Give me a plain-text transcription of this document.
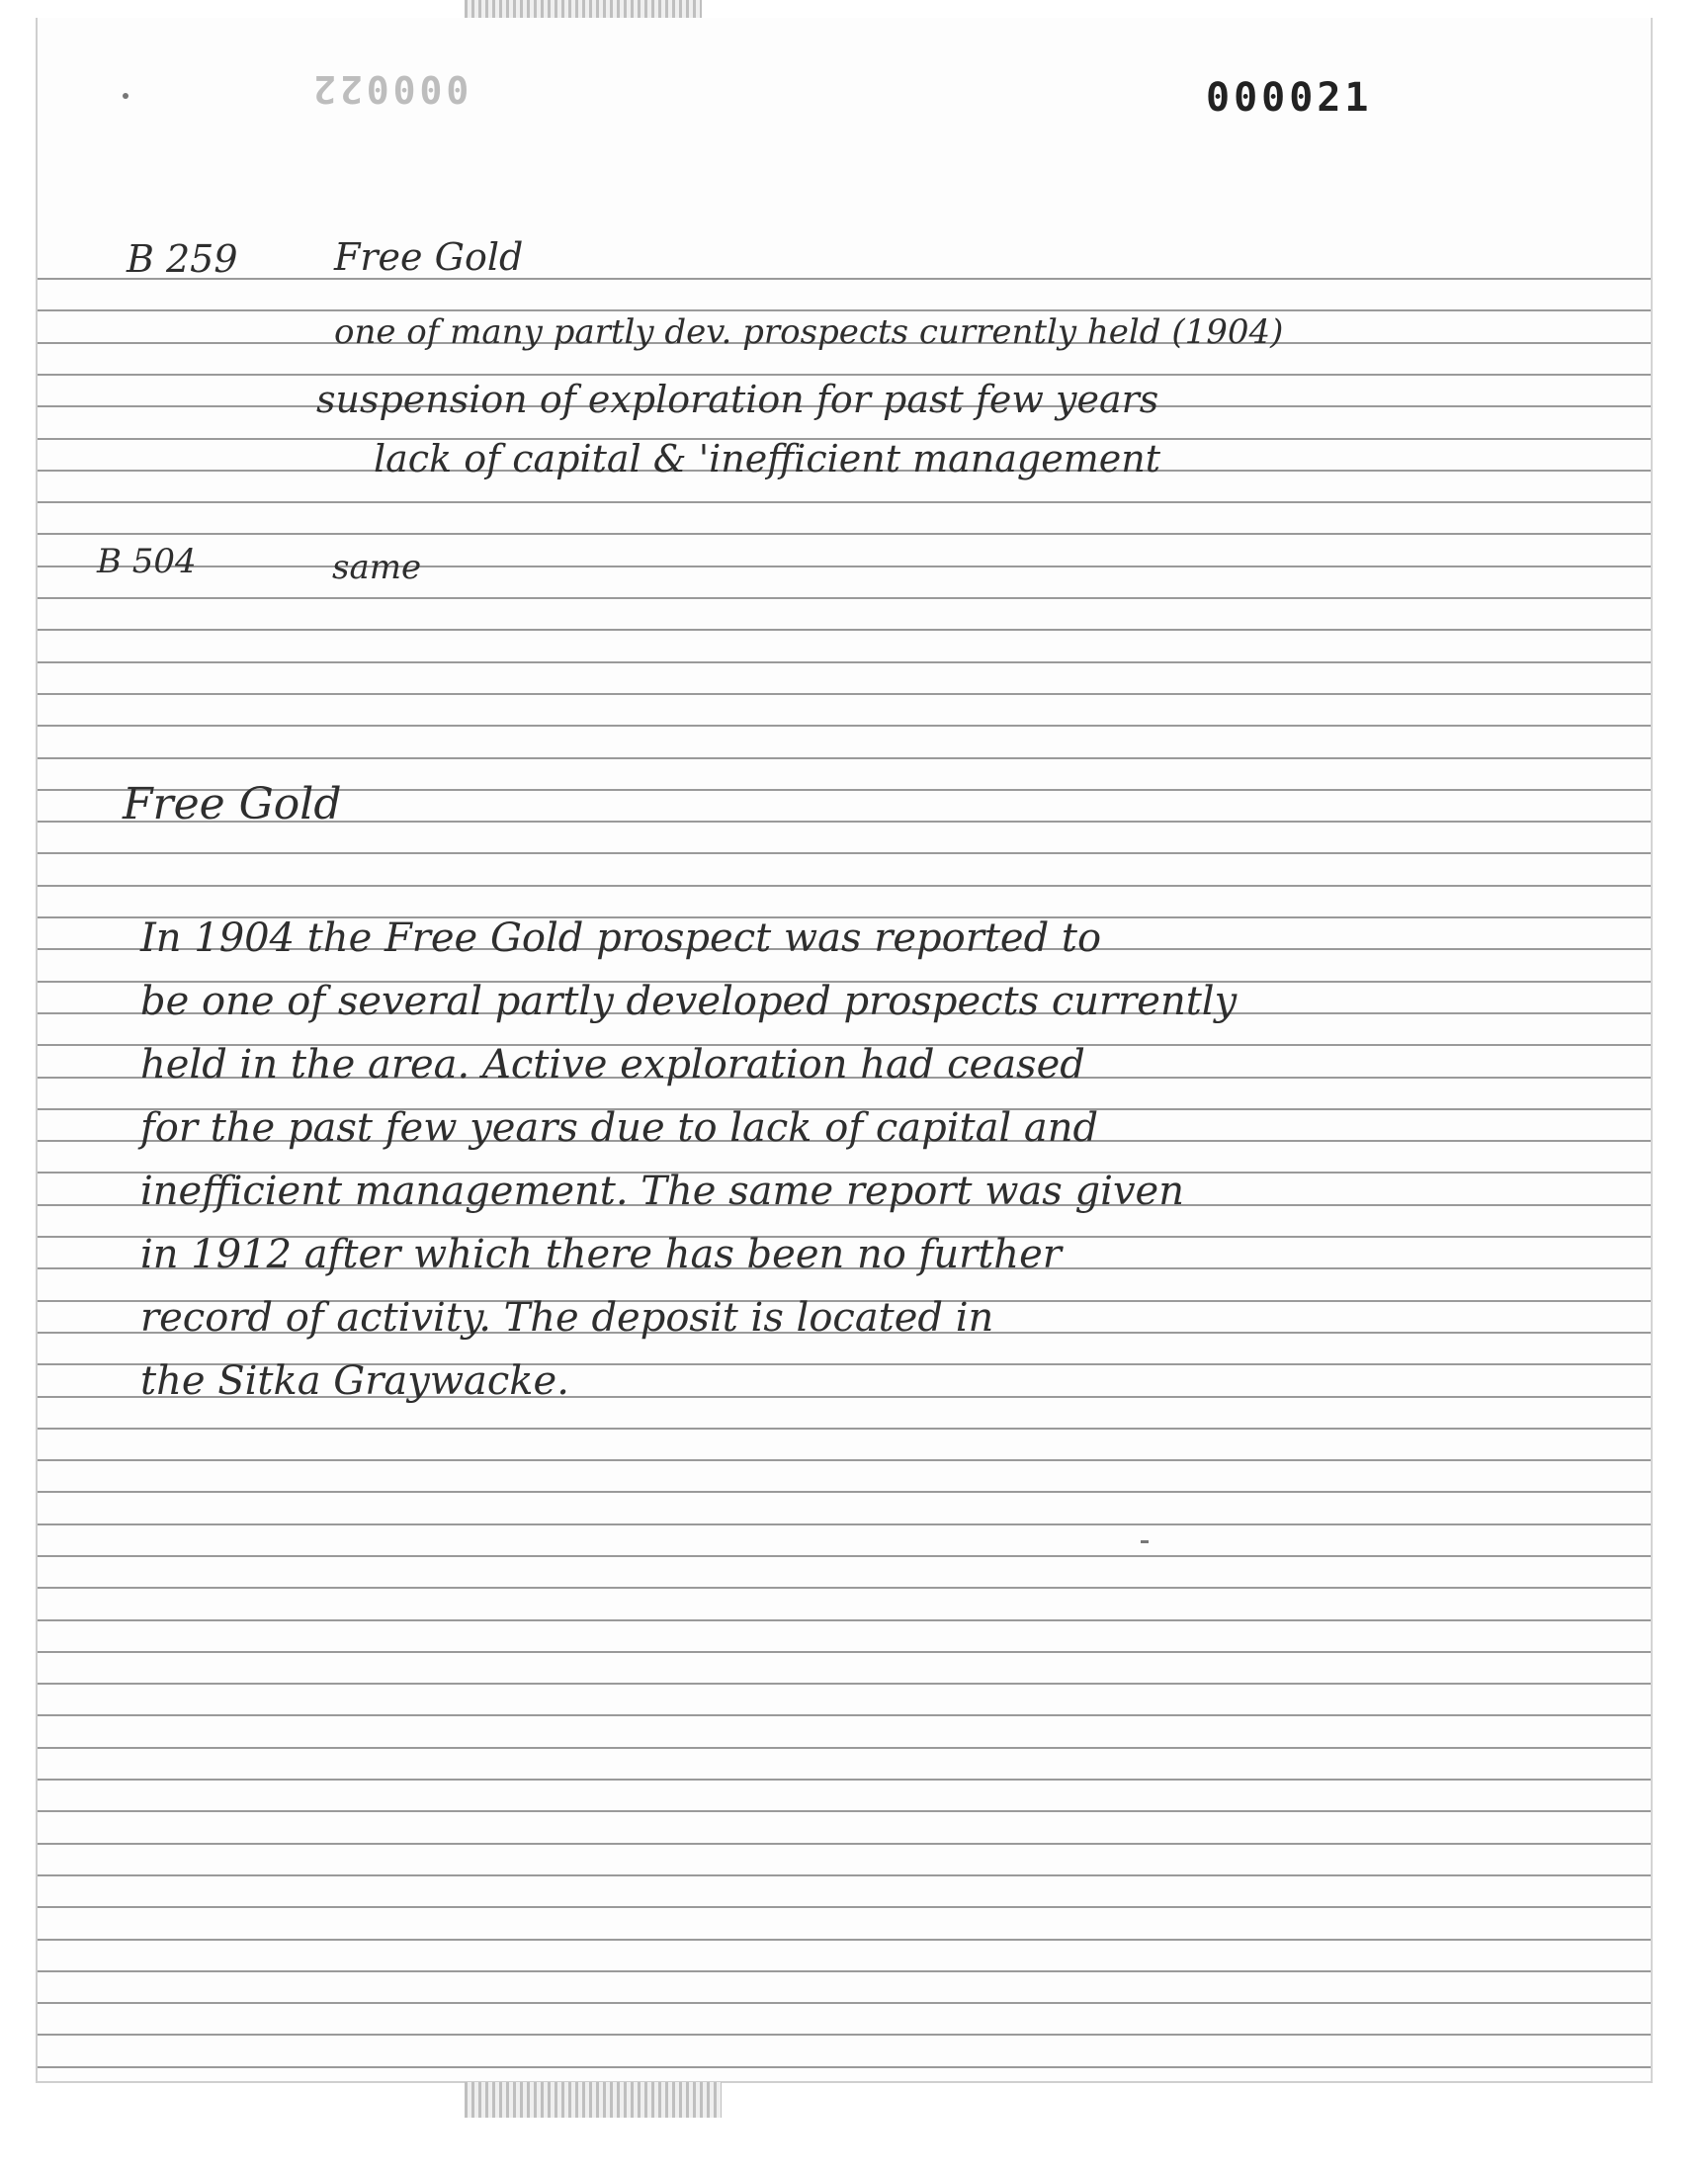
000022	000021
B 259	Free Gold
one of many partly dev. prospects currently held (1904)
suspension of exploration for past few years
lack of capital & 'inefficient management
B 504	same
Free Gold
In 1904 the Free Gold prospect was reported to
be one of several partly developed prospects currently
held in the area. Active exploration had ceased
for the past few years due to lack of capital and
inefficient management. The same report was given
in 1912 after which there has been no further
record of activity. The deposit is located in
the Sitka Graywacke.
